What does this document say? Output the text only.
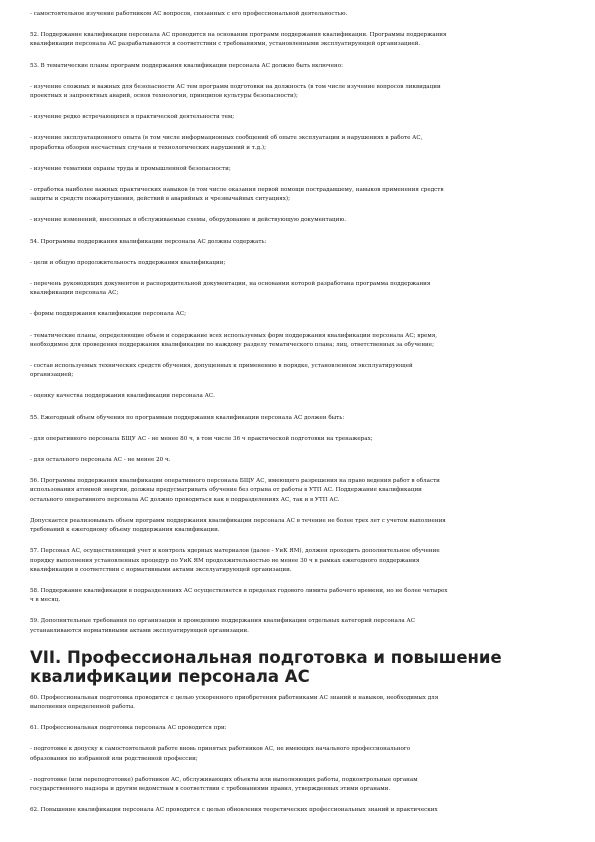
- самостоятельное изучение работником АС вопросов, связанных с его профессиональной деятельностью.

52. Поддержание квалификации персонала АС проводится на основании программ поддержания квалификации. Программы поддержания
квалификации персонала АС разрабатываются в соответствии с требованиями, установленными эксплуатирующей организацией.

53. В тематические планы программ поддержания квалификации персонала АС должно быть включено:

- изучение сложных и важных для безопасности АС тем программ подготовки на должность (в том числе изучение вопросов ликвидации
проектных и запроектных аварий, основ технологии, принципов культуры безопасности);

- изучение редко встречающихся в практической деятельности тем;

- изучение эксплуатационного опыта (в том числе информационных сообщений об опыте эксплуатации и нарушениях в работе АС,
проработка обзоров несчастных случаев и технологических нарушений и т.д.);

- изучение тематики охраны труда и промышленной безопасности;

- отработка наиболее важных практических навыков (в том числе оказания первой помощи пострадавшему, навыков применения средств
защиты и средств пожаротушения, действий в аварийных и чрезвычайных ситуациях);

- изучение изменений, внесенных в обслуживаемые схемы, оборудование и действующую документацию.

54. Программы поддержания квалификации персонала АС должны содержать:

- цели и общую продолжительность поддержания квалификации;

- перечень руководящих документов и распорядительной документации, на основании которой разработана программа поддержания
квалификации персонала АС;

- формы поддержания квалификации персонала АС;

- тематические планы, определяющие объем и содержание всех используемых форм поддержания квалификации персонала АС; время,
необходимое для проведения поддержания квалификации по каждому разделу тематического плана; лиц, ответственных за обучение;

- состав используемых технических средств обучения, допущенных к применению в порядке, установленном эксплуатирующей
организацией;

- оценку качества поддержания квалификации персонала АС.

55. Ежегодный объем обучения по программам поддержания квалификации персонала АС должен быть:

- для оперативного персонала БЩУ АС - не менее 80 ч, в том числе 36 ч практической подготовки на тренажерах;

- для остального персонала АС - не менее 20 ч.

56. Программы поддержания квалификации оперативного персонала БЩУ АС, имеющего разрешения на право ведения работ в области
использования атомной энергии, должны предусматривать обучение без отрыва от работы в УТП АС. Поддержание квалификации
остального оперативного персонала АС должно проводиться как в подразделениях АС, так и в УТП АС.

Допускается реализовывать объем программ поддержания квалификации персонала АС в течение не более трех лет с учетом выполнения
требований к ежегодному объему поддержания квалификации.

57. Персонал АС, осуществляющий учет и контроль ядерных материалов (далее - УиК ЯМ), должен проходить дополнительное обучение
порядку выполнения установленных процедур по УиК ЯМ продолжительностью не менее 30 ч в рамках ежегодного поддержания
квалификации в соответствии с нормативными актами эксплуатирующей организации.

58. Поддержание квалификации в подразделениях АС осуществляется в пределах годового лимита рабочего времени, но не более четырех
ч в месяц.

59. Дополнительные требования по организации и проведению поддержания квалификации отдельных категорий персонала АС
устанавливаются нормативными актами эксплуатирующей организации.

VII. Профессиональная подготовка и повышение квалификации персонала АС

60. Профессиональная подготовка проводится с целью ускоренного приобретения работниками АС знаний и навыков, необходимых для
выполнения определенной работы.

61. Профессиональная подготовка персонала АС проводится при:

- подготовке к допуску к самостоятельной работе вновь принятых работников АС, не имеющих начального профессионального
образования по избранной или родственной профессии;

- подготовке (или переподготовке) работников АС, обслуживающих объекты или выполняющих работы, подконтрольные органам
государственного надзора и другим ведомствам в соответствии с требованиями правил, утвержденных этими органами.

62. Повышение квалификации персонала АС проводится с целью обновления теоретических профессиональных знаний и практических
